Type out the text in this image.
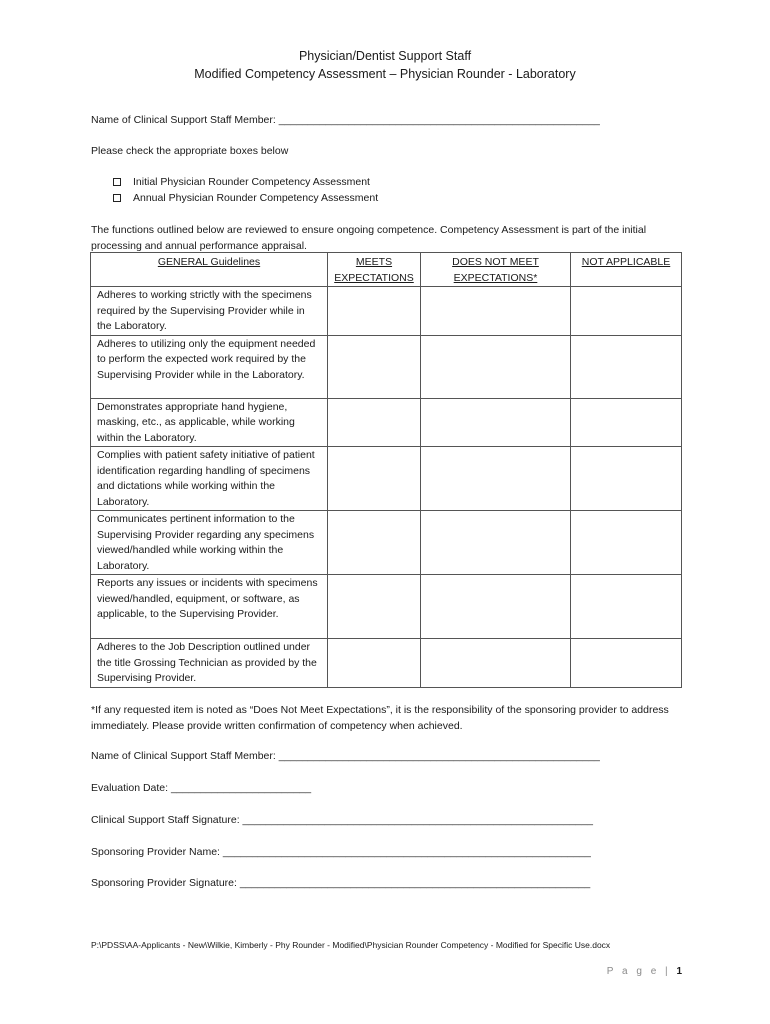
Physician/Dentist Support Staff
Modified Competency Assessment – Physician Rounder - Laboratory
Name of Clinical Support Staff Member: _______________________________________________________
Please check the appropriate boxes below
Initial Physician Rounder Competency Assessment
Annual Physician Rounder Competency Assessment
The functions outlined below are reviewed to ensure ongoing competence. Competency Assessment is part of the initial processing and annual performance appraisal.
GENERAL Guidelines	MEETS EXPECTATIONS	DOES NOT MEET EXPECTATIONS*	NOT APPLICABLE
Adheres to working strictly with the specimens required by the Supervising Provider while in the Laboratory.			
Adheres to utilizing only the equipment needed to perform the expected work required by the Supervising Provider while in the Laboratory.			
Demonstrates appropriate hand hygiene, masking, etc., as applicable, while working within the Laboratory.			
Complies with patient safety initiative of patient identification regarding handling of specimens and dictations while working within the Laboratory.			
Communicates pertinent information to the Supervising Provider regarding any specimens viewed/handled while working within the Laboratory.			
Reports any issues or incidents with specimens viewed/handled, equipment, or software, as applicable, to the Supervising Provider.			
Adheres to the Job Description outlined under the title Grossing Technician as provided by the Supervising Provider.			
*If any requested item is noted as “Does Not Meet Expectations”, it is the responsibility of the sponsoring provider to address immediately. Please provide written confirmation of competency when achieved.
Name of Clinical Support Staff Member: _______________________________________________________
Evaluation Date: ________________________
Clinical Support Staff Signature: ____________________________________________________________
Sponsoring Provider Name: _______________________________________________________________
Sponsoring Provider Signature: ____________________________________________________________
P:\PDSS\AA-Applicants - New\Wilkie, Kimberly - Phy Rounder - Modified\Physician Rounder Competency - Modified for Specific Use.docx
P a g e | 1
